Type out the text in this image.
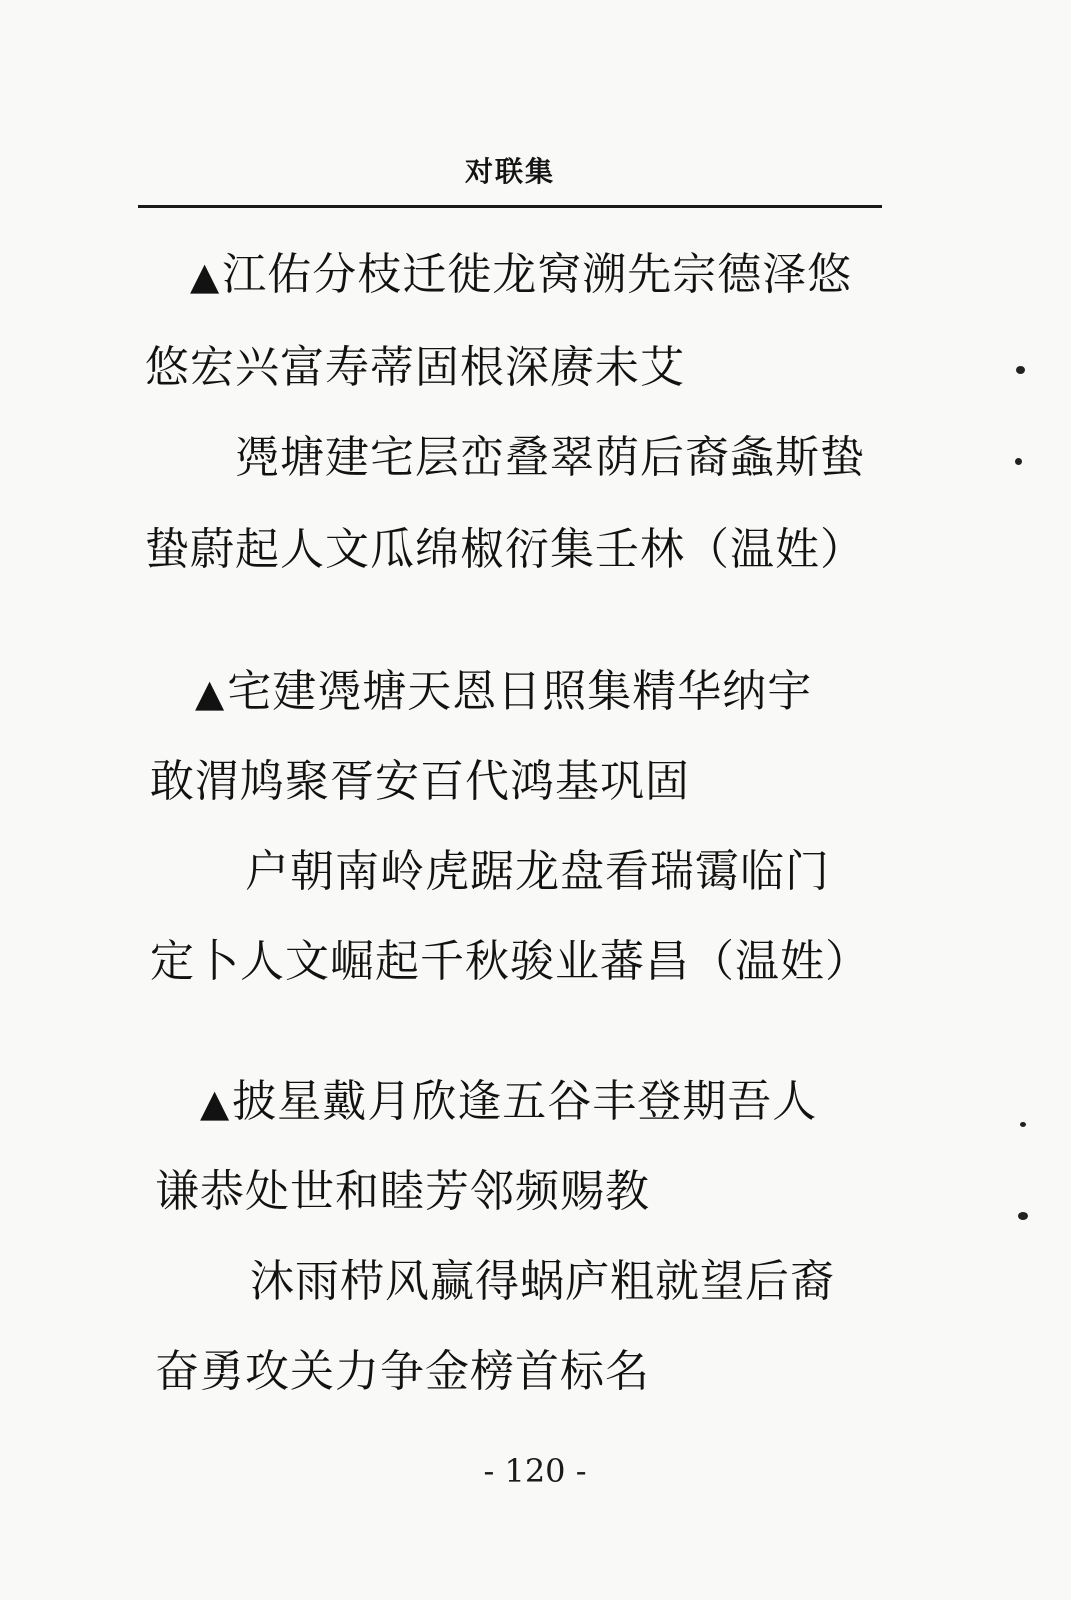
对联集
▲江佑分枝迁徙龙窝溯先宗德泽悠
悠宏兴富寿蒂固根深赓未艾
凴塘建宅层峦叠翠荫后裔螽斯蛰
蛰蔚起人文瓜绵椒衍集壬林（温姓）
▲宅建凴塘天恩日照集精华纳宇
敢渭鸠聚胥安百代鸿基巩固
户朝南岭虎踞龙盘看瑞霭临门
定卜人文崛起千秋骏业蕃昌（温姓）
▲披星戴月欣逢五谷丰登期吾人
谦恭处世和睦芳邻频赐教
沐雨栉风赢得蜗庐粗就望后裔
奋勇攻关力争金榜首标名
- 120 -
